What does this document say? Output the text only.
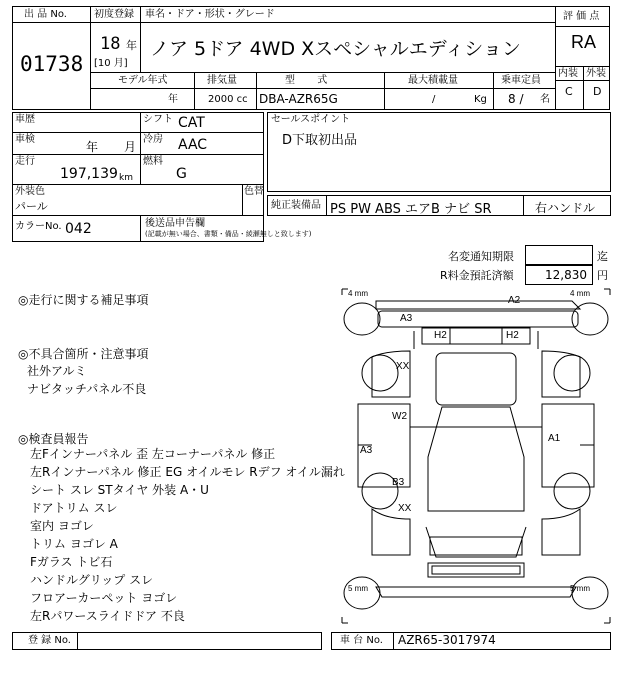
出 品 No.
01738
初度登録 車名・ドア・形状・グレード
18 年
[10 月]
ノア 5ドア 4WD Xスペシャルエディション
評 価 点
RA
内装 外装
C D
モデル年式
年
排気量
2000 cc
型       式
DBA-AZR65G
最大積載量
/	Kg
乗車定員
8 / 名
車歴	シフト CAT
車検
年 月
冷房 AAC
走行
197,139 km
燃料
G
外装色
パール
色替
カラーNo. 042	後送品申告欄
(記載が無い場合、書類・備品・綾瀬無しと致します)
セールスポイント
D下取初出品
純正装備品 PS PW ABS エアB ナビ SR	右ハンドル
名変通知期限	迄
R料金預託済額	12,830 円
◎走行に関する補足事項
◎不具合箇所・注意事項
社外アルミ
ナビタッチパネル不良
◎検査員報告
左Fインナーパネル 歪 左コーナーパネル 修正
左Rインナーパネル 修正 EG オイルモレ Rデフ オイル漏れ
シート スレ STタイヤ 外装 A・U
ドアトリム スレ
室内 ヨゴレ
トリム ヨゴレ A
Fガラス トビ石
ハンドルグリップ スレ
フロアーカーペット ヨゴレ
左Rパワースライドドア 不良
4 mm	4 mm
5 mm	5 mm
A2
A3
H2	H2
XX
W2
A1
A3
B3
XX
登 録 No.	車 台 No. AZR65-3017974
